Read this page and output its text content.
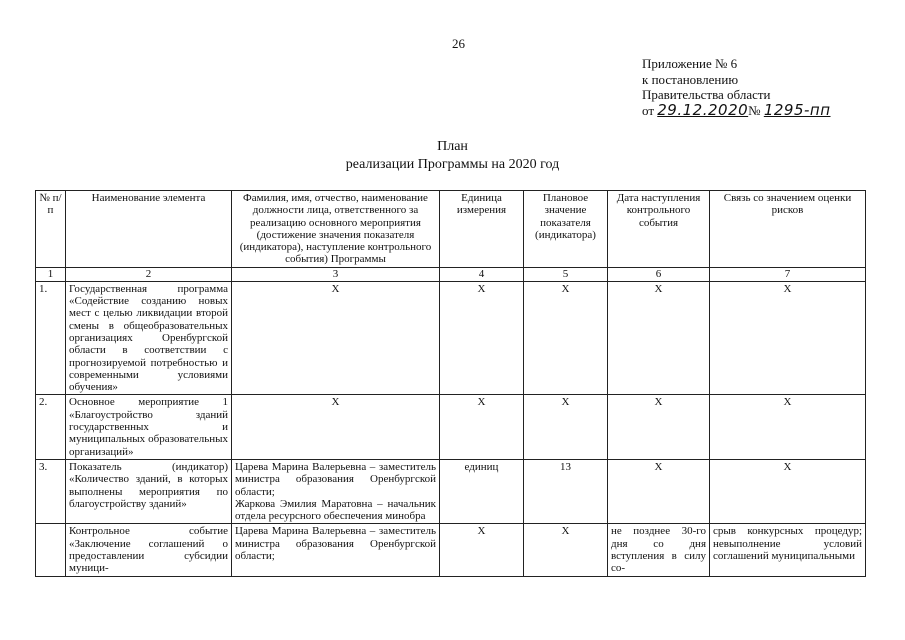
26
Приложение № 6
к постановлению
Правительства области
от 29.12.2020№ 1295-пп
План
реализации Программы на 2020 год
№ п/п	Наименование элемента	Фамилия, имя, отчество, наименование должности лица, ответственного за реализацию основного мероприятия (достижение значения показателя (индикатора), наступление контрольного события) Программы	Единица измерения	Плановое значение показателя (индикатора)	Дата наступления контрольного события	Связь со значением оценки рисков
1	2	3	4	5	6	7
1.	Государственная программа «Содействие созданию новых мест с целью ликвидации второй смены в общеобразовательных организациях Оренбургской области в соответствии с прогнозируемой потребностью и современными условиями обучения»	X	X	X	X	X
2.	Основное мероприятие 1 «Благоустройство зданий государственных и муниципальных образовательных организаций»	X	X	X	X	X
3.	Показатель (индикатор) «Количество зданий, в которых выполнены мероприятия по благоустройству зданий»	Царева Марина Валерьевна – заместитель министра образования Оренбургской области;
Жаркова Эмилия Маратовна – начальник отдела ресурсного обеспечения минобра	единиц	13	X	X
	Контрольное событие «Заключение соглашений о предоставлении субсидии муници-	Царева Марина Валерьевна – заместитель министра образования Оренбургской области;	X	X	не позднее 30-го дня со дня вступления в силу со-	срыв конкурсных процедур; невыполнение условий соглашений муниципальными
